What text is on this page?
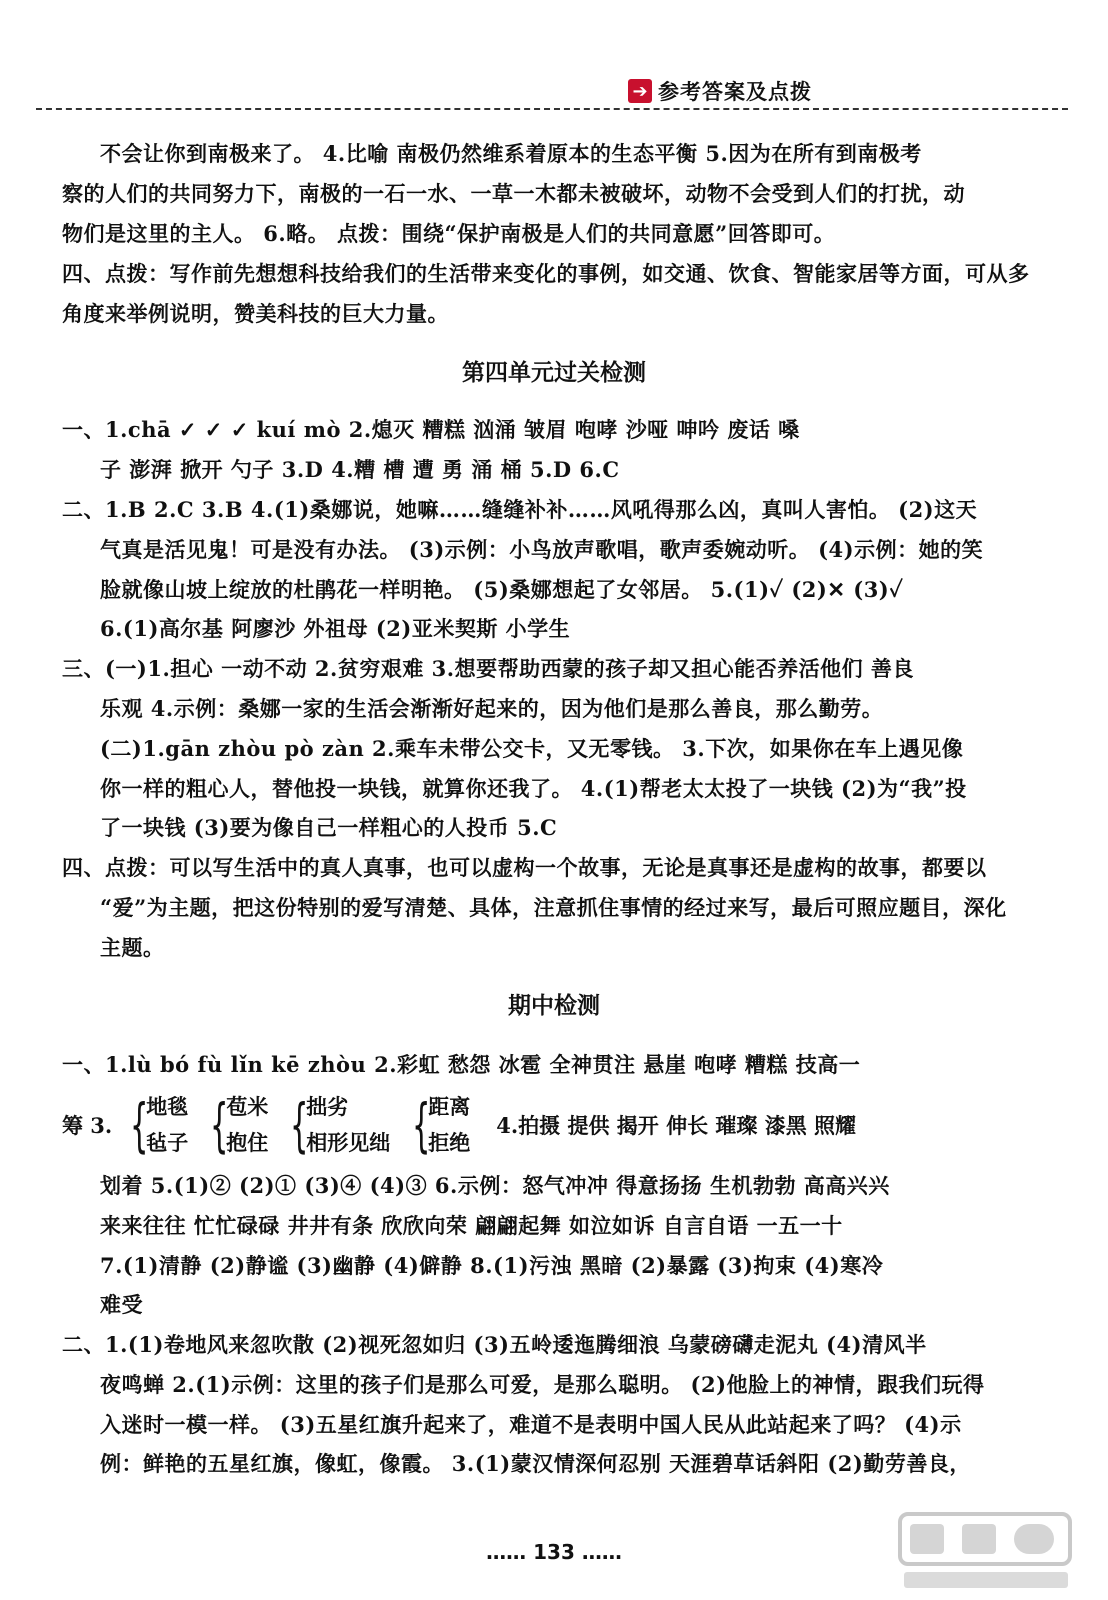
➔ 参考答案及点拨
不会让你到南极来了。 4.比喻 南极仍然维系着原本的生态平衡 5.因为在所有到南极考
察的人们的共同努力下，南极的一石一水、一草一木都未被破坏，动物不会受到人们的打扰，动
物们是这里的主人。 6.略。 点拨：围绕“保护南极是人们的共同意愿”回答即可。
四、点拨：写作前先想想科技给我们的生活带来变化的事例，如交通、饮食、智能家居等方面，可从多
角度来举例说明，赞美科技的巨大力量。
第四单元过关检测
一、1.chā ✓ ✓ ✓ kuí mò 2.熄灭 糟糕 汹涌 皱眉 咆哮 沙哑 呻吟 废话 嗓
子 澎湃 掀开 勺子 3.D 4.糟 槽 遭 勇 涌 桶 5.D 6.C
二、1.B 2.C 3.B 4.(1)桑娜说，她嘛……缝缝补补……风吼得那么凶，真叫人害怕。 (2)这天
气真是活见鬼！可是没有办法。 (3)示例：小鸟放声歌唱，歌声委婉动听。 (4)示例：她的笑
脸就像山坡上绽放的杜鹃花一样明艳。 (5)桑娜想起了女邻居。 5.(1)✓ (2)✕ (3)✓
6.(1)高尔基 阿廖沙 外祖母 (2)亚米契斯 小学生
三、(一)1.担心 一动不动 2.贫穷艰难 3.想要帮助西蒙的孩子却又担心能否养活他们 善良
乐观 4.示例：桑娜一家的生活会渐渐好起来的，因为他们是那么善良，那么勤劳。
(二)1.gān zhòu pò zàn 2.乘车未带公交卡，又无零钱。 3.下次，如果你在车上遇见像
你一样的粗心人，替他投一块钱，就算你还我了。 4.(1)帮老太太投了一块钱 (2)为“我”投
了一块钱 (3)要为像自己一样粗心的人投币 5.C
四、点拨：可以写生活中的真人真事，也可以虚构一个故事，无论是真事还是虚构的故事，都要以
“爱”为主题，把这份特别的爱写清楚、具体，注意抓住事情的经过来写，最后可照应题目，深化
主题。
期中检测
一、1.lù bó fù lǐn kē zhòu 2.彩虹 愁怨 冰雹 全神贯注 悬崖 咆哮 糟糕 技高一
筹 3. {
地毯
毡子 {
苞米
抱住 {
拙劣
相形见绌 {
距离
拒绝
4.拍摄 提供 揭开 伸长 璀璨 漆黑 照耀
划着 5.(1)② (2)① (3)④ (4)③ 6.示例：怒气冲冲 得意扬扬 生机勃勃 高高兴兴
来来往往 忙忙碌碌 井井有条 欣欣向荣 翩翩起舞 如泣如诉 自言自语 一五一十
7.(1)清静 (2)静谧 (3)幽静 (4)僻静 8.(1)污浊 黑暗 (2)暴露 (3)拘束 (4)寒冷
难受
二、1.(1)卷地风来忽吹散 (2)视死忽如归 (3)五岭逶迤腾细浪 乌蒙磅礴走泥丸 (4)清风半
夜鸣蝉 2.(1)示例：这里的孩子们是那么可爱，是那么聪明。 (2)他脸上的神情，跟我们玩得
入迷时一模一样。 (3)五星红旗升起来了，难道不是表明中国人民从此站起来了吗？ (4)示
例：鲜艳的五星红旗，像虹，像霞。 3.(1)蒙汉情深何忍别 天涯碧草话斜阳 (2)勤劳善良，
…… 133 ……
